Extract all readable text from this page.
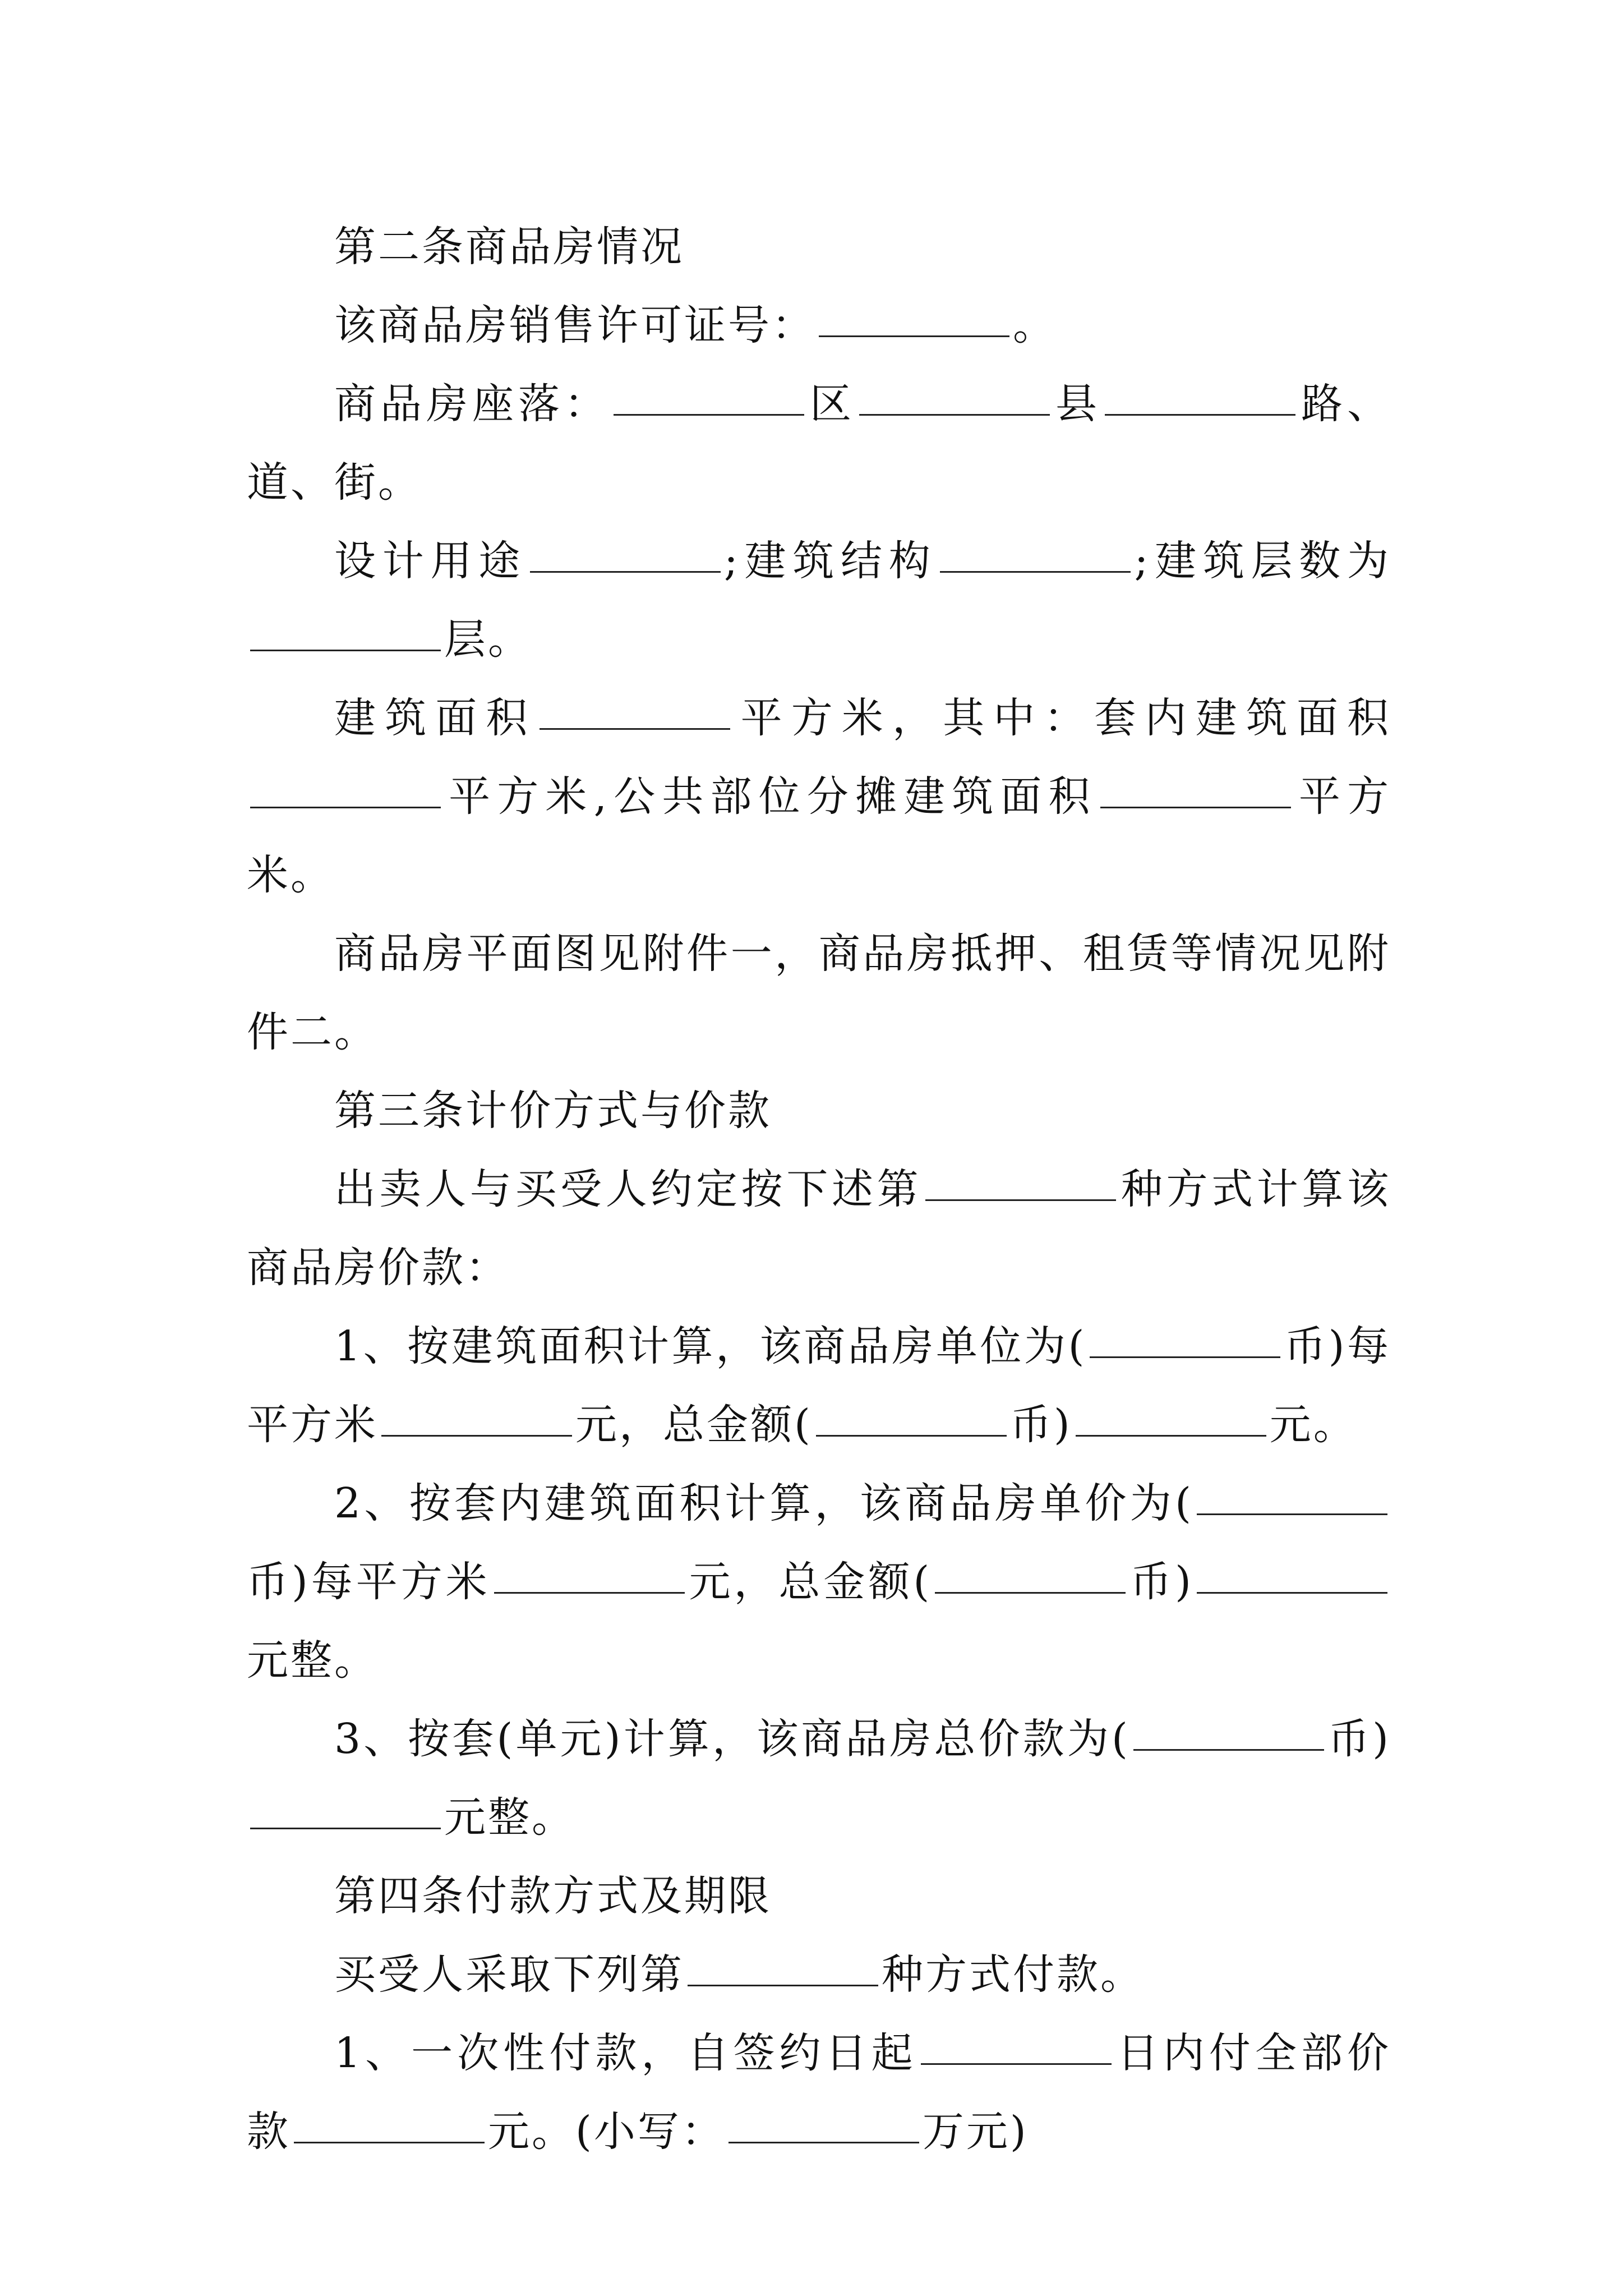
第二条商品房情况

该商品房销售许可证号：	。

商品房座落：	区	县	路、道、街。

设计用途	;建筑结构	;建筑层数为层。

建筑面积	平方米，其中：套内建筑面积平方米,公共部位分摊建筑面积	平方米。

商品房平面图见附件一，商品房抵押、租赁等情况见附件二。

第三条计价方式与价款

出卖人与买受人约定按下述第	种方式计算该商品房价款：

1、按建筑面积计算，该商品房单位为(	币)每平方米	元，总金额(	币)	元。

2、按套内建筑面积计算，该商品房单价为(币)每平方米	元，总金额(	币)元整。

3、按套(单元)计算，该商品房总价款为(	币)元整。

第四条付款方式及期限

买受人采取下列第	种方式付款。

1、一次性付款，自签约日起	日内付全部价款	元。(小写：	万元)
